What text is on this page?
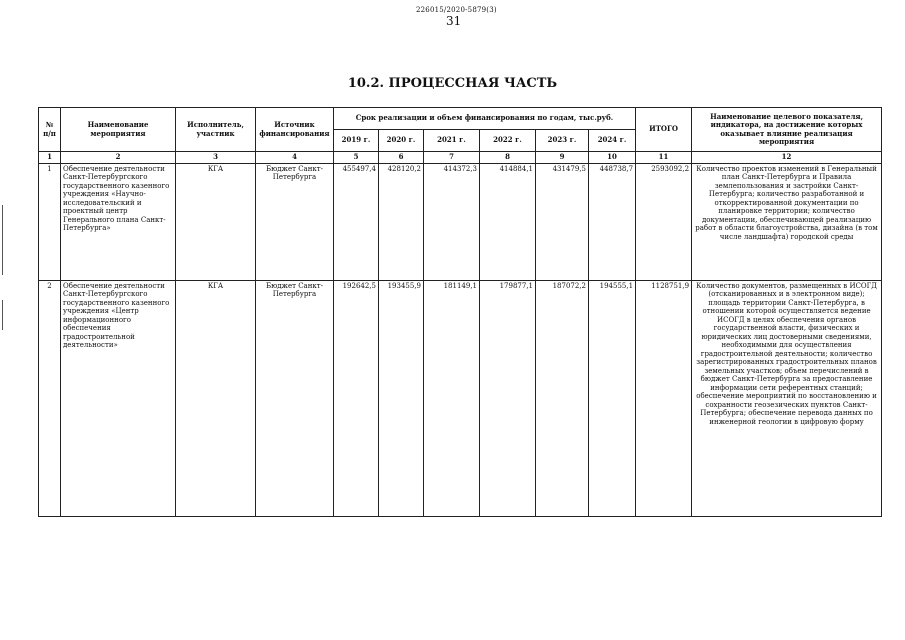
226015/2020-5879(3)
31
10.2. ПРОЦЕССНАЯ ЧАСТЬ
№ п/п	Наименование мероприятия	Исполнитель, участник	Источник финансирования	Срок реализации и объем финансирования по годам, тыс.руб.						ИТОГО	Наименование целевого показателя, индикатора, на достижение которых оказывает влияние реализация мероприятия
				2019 г.	2020 г.	2021 г.	2022 г.	2023 г.	2024 г.		
1	2	3	4	5	6	7	8	9	10	11	12
1	Обеспечение деятельности Санкт-Петербургского государственного казенного учреждения «Научно-исследовательский и проектный центр Генерального плана Санкт-Петербурга»	КГА	Бюджет Санкт-Петербурга	455497,4	428120,2	414372,3	414884,1	431479,5	448738,7	2593092,2	Количество проектов изменений в Генеральный план Санкт-Петербурга и Правила землепользования и застройки Санкт-Петербурга; количество разработанной и откорректированной документации по планировке территории; количество документации, обеспечивающей реализацию работ в области благоустройства, дизайна (в том числе ландшафта) городской среды
2	Обеспечение деятельности Санкт-Петербургского государственного казенного учреждения «Центр информационного обеспечения градостроительной деятельности»	КГА	Бюджет Санкт-Петербурга	192642,5	193455,9	181149,1	179877,1	187072,2	194555,1	1128751,9	Количество документов, размещенных в ИСОГД (отсканированных и в электронном виде); площадь территории Санкт-Петербурга, в отношении которой осуществляется ведение ИСОГД в целях обеспечения органов государственной власти, физических и юридических лиц достоверными сведениями, необходимыми для осуществления градостроительной деятельности; количество зарегистрированных градостроительных планов земельных участков; объем перечислений в бюджет Санкт-Петербурга за предоставление информации сети референтных станций; обеспечение мероприятий по восстановлению и сохранности геозезических пунктов Санкт-Петербурга; обеспечение перевода данных по инженерной геологии в цифровую форму
